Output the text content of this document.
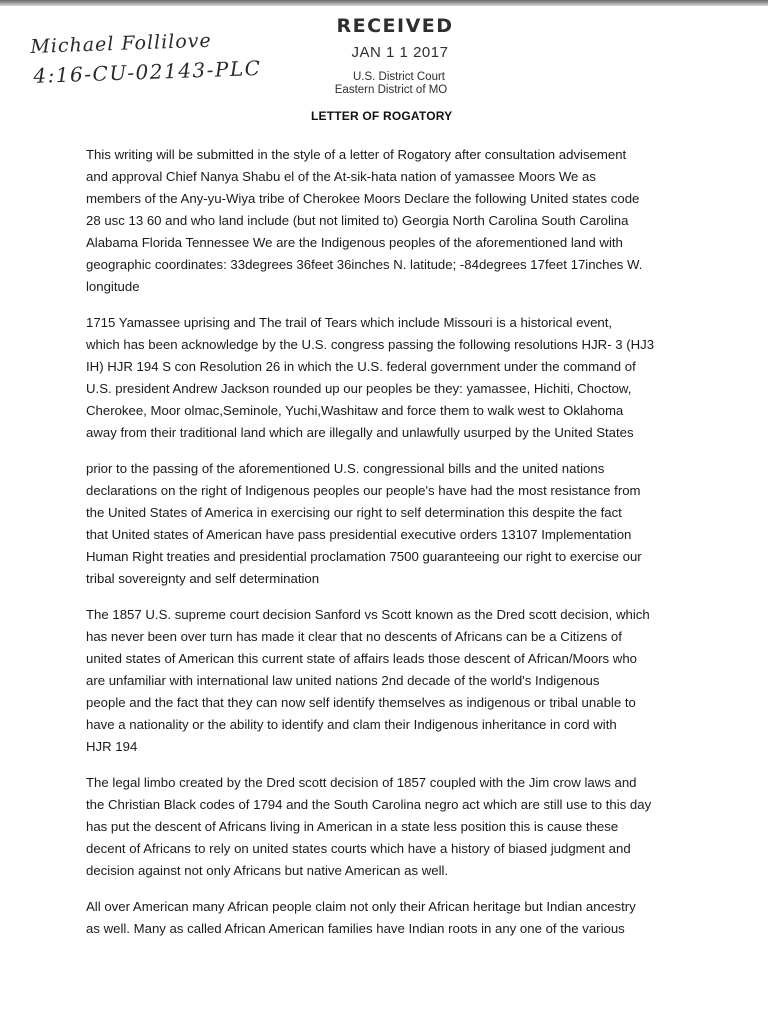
Michael Follilove
4:16-CU-02143-PLC
RECEIVED
JAN 1 1 2017
U.S. District Court
Eastern District of MO
LETTER OF ROGATORY

This writing will be submitted in the style of a letter of Rogatory after consultation advisement
and approval Chief Nanya Shabu el of the At-sik-hata nation of yamassee Moors We as
members of the Any-yu-Wiya tribe of Cherokee Moors Declare the following United states code
28 usc 13 60 and who land include (but not limited to) Georgia North Carolina South Carolina
Alabama Florida Tennessee We are the Indigenous peoples of the aforementioned land with
geographic coordinates: 33degrees 36feet 36inches N. latitude; -84degrees 17feet 17inches W.
longitude

1715 Yamassee uprising and The trail of Tears which include Missouri is a historical event,
which has been acknowledge by the U.S. congress passing the following resolutions HJR- 3 (HJ3
IH) HJR 194 S con Resolution 26 in which the U.S. federal government under the command of
U.S. president Andrew Jackson rounded up our peoples be they: yamassee, Hichiti, Choctow,
Cherokee, Moor olmac,Seminole, Yuchi,Washitaw and force them to walk west to Oklahoma
away from their traditional land which are illegally and unlawfully usurped by the United States

prior to the passing of the aforementioned U.S. congressional bills and the united nations
declarations on the right of Indigenous peoples our people's have had the most resistance from
the United States of America in exercising our right to self determination this despite the fact
that United states of American have pass presidential executive orders 13107 Implementation
Human Right treaties and presidential proclamation 7500 guaranteeing our right to exercise our
tribal sovereignty and self determination

The 1857 U.S. supreme court decision Sanford vs Scott known as the Dred scott decision, which
has never been over turn has made it clear that no descents of Africans can be a Citizens of
united states of American this current state of affairs leads those descent of African/Moors who
are unfamiliar with international law united nations 2nd decade of the world's Indigenous
people and the fact that they can now self identify themselves as indigenous or tribal unable to
have a nationality or the ability to identify and clam their Indigenous inheritance in cord with
HJR 194

The legal limbo created by the Dred scott decision of 1857 coupled with the Jim crow laws and
the Christian Black codes of 1794 and the South Carolina negro act which are still use to this day
has put the descent of Africans living in American in a state less position this is cause these
decent of Africans to rely on united states courts which have a history of biased judgment and
decision against not only Africans but native American as well.

All over American many African people claim not only their African heritage but Indian ancestry
as well. Many as called African American families have Indian roots in any one of the various
